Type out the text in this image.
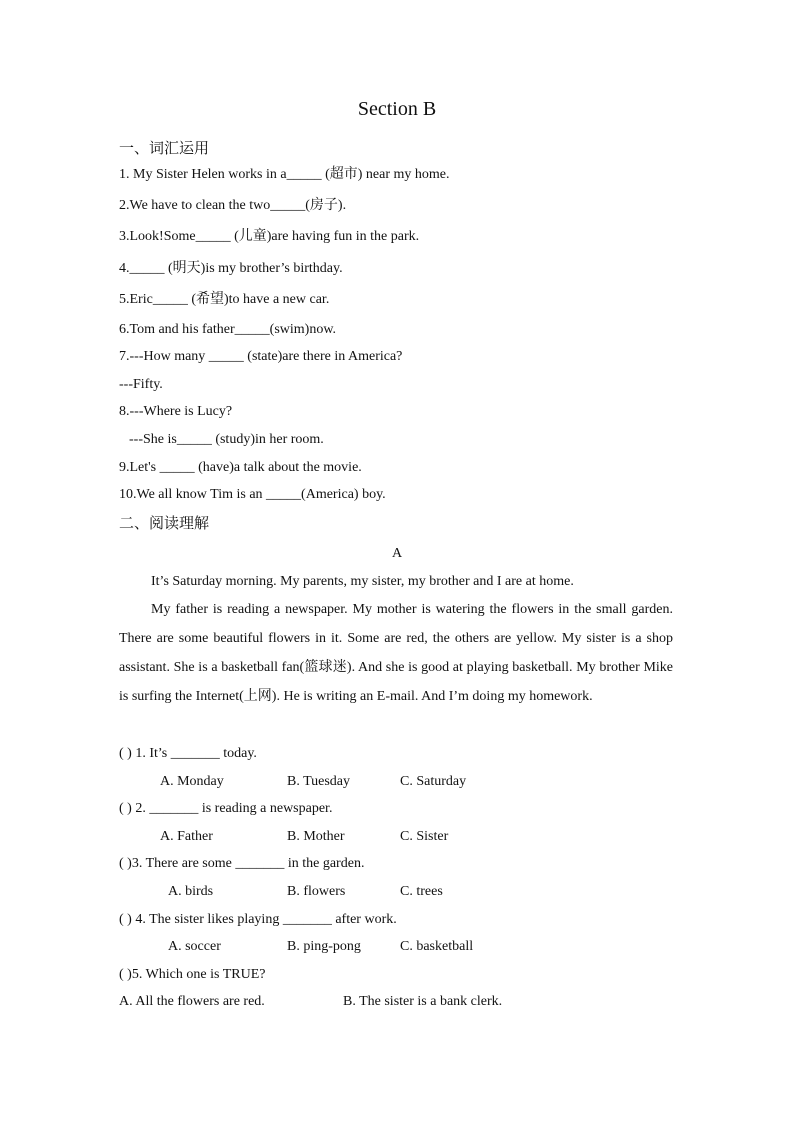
Section B
一、词汇运用
1. My Sister Helen works in a_____ (超市) near my home.
2.We have to clean the two_____(房子).
3.Look!Some_____ (儿童)are having fun in the park.
4._____ (明天)is my brother’s birthday.
5.Eric_____ (希望)to have a new car.
6.Tom and his father_____(swim)now.
7.---How many _____ (state)are there in America?
---Fifty.
8.---Where is Lucy?
---She is_____ (study)in her room.
9.Let's _____ (have)a talk about the movie.
10.We all know Tim is an _____(America) boy.
二、阅读理解
A
It’s Saturday morning. My parents, my sister, my brother and I are at home.
My father is reading a newspaper. My mother is watering the flowers in the small garden. There are some beautiful flowers in it. Some are red, the others are yellow. My sister is a shop assistant. She is a basketball fan(篮球迷). And she is good at playing basketball. My brother Mike is surfing the Internet(上网). He is writing an E-mail. And I’m doing my homework.
( ) 1. It’s _______ today.
A. Monday	B. Tuesday	C. Saturday
( ) 2. _______ is reading a newspaper.
A. Father	B. Mother	C. Sister
( )3. There are some _______ in the garden.
A. birds	B. flowers	C. trees
( ) 4. The sister likes playing _______ after work.
A. soccer	B. ping-pong	C. basketball
( )5. Which one is TRUE?
A. All the flowers are red.	B. The sister is a bank clerk.
